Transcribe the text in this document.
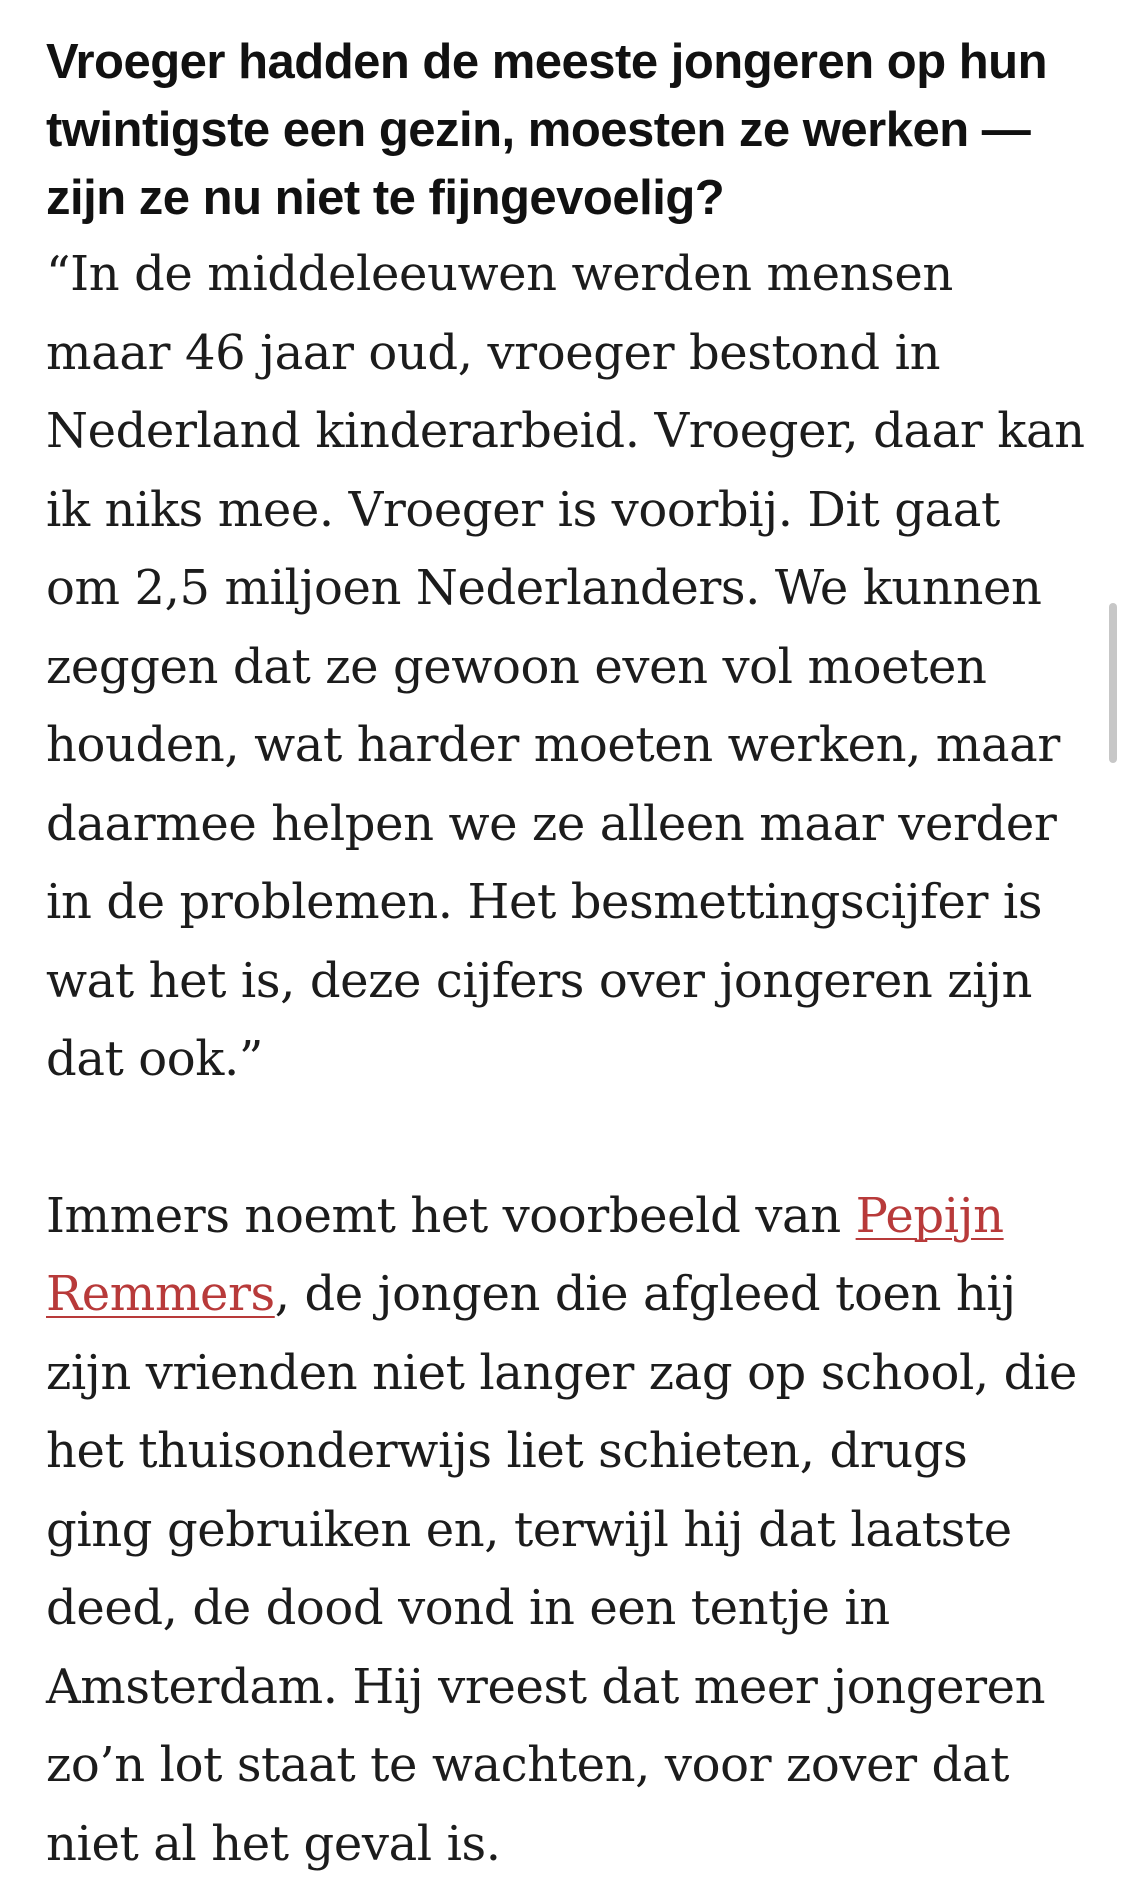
Vroeger hadden de meeste jongeren op hun twintigste een gezin, moesten ze werken — zijn ze nu niet te fijngevoelig?

“In de middeleeuwen werden mensen maar 46 jaar oud, vroeger bestond in Nederland kinderarbeid. Vroeger, daar kan ik niks mee. Vroeger is voorbij. Dit gaat om 2,5 miljoen Nederlanders. We kunnen zeggen dat ze gewoon even vol moeten houden, wat harder moeten werken, maar daarmee helpen we ze alleen maar verder in de problemen. Het besmettingscijfer is wat het is, deze cijfers over jongeren zijn dat ook.”

Immers noemt het voorbeeld van Pepijn Remmers, de jongen die afgleed toen hij zijn vrienden niet langer zag op school, die het thuisonderwijs liet schieten, drugs ging gebruiken en, terwijl hij dat laatste deed, de dood vond in een tentje in Amsterdam. Hij vreest dat meer jongeren zo’n lot staat te wachten, voor zover dat niet al het geval is.
